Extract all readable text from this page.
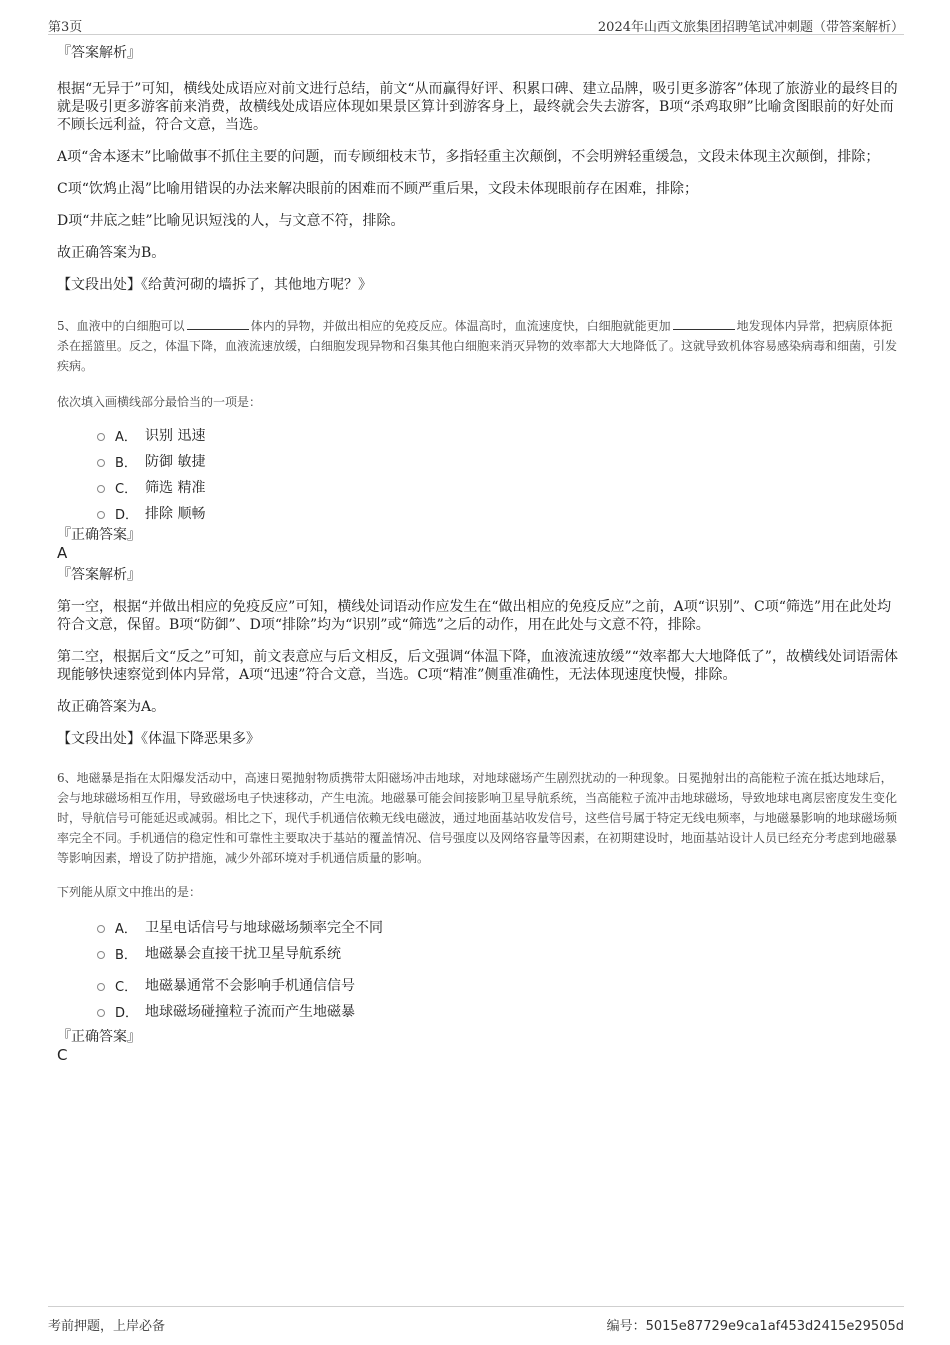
第3页	2024年山西文旅集团招聘笔试冲刺题（带答案解析）

『答案解析』

根据“无异于”可知，横线处成语应对前文进行总结，前文“从而赢得好评、积累口碑、建立品牌，吸引更多游客”体现了旅游业的最终目的就是吸引更多游客前来消费，故横线处成语应体现如果景区算计到游客身上，最终就会失去游客，B项“杀鸡取卵”比喻贪图眼前的好处而不顾长远利益，符合文意，当选。

A项“舍本逐末”比喻做事不抓住主要的问题，而专顾细枝末节，多指轻重主次颠倒，不会明辨轻重缓急，文段未体现主次颠倒，排除；

C项“饮鸩止渴”比喻用错误的办法来解决眼前的困难而不顾严重后果，文段未体现眼前存在困难，排除；

D项“井底之蛙”比喻见识短浅的人，与文意不符，排除。

故正确答案为B。

【文段出处】《给黄河砌的墙拆了，其他地方呢？》

5、血液中的白细胞可以	体内的异物，并做出相应的免疫反应。体温高时，血流速度快，白细胞就能更加	地发现体内异常，把病原体扼杀在摇篮里。反之，体温下降，血液流速放缓，白细胞发现异物和召集其他白细胞来消灭异物的效率都大大地降低了。这就导致机体容易感染病毒和细菌，引发疾病。

依次填入画横线部分最恰当的一项是：

A． 识别 迅速
B． 防御 敏捷
C． 筛选 精准
D． 排除 顺畅

『正确答案』

A

『答案解析』

第一空，根据“并做出相应的免疫反应”可知，横线处词语动作应发生在“做出相应的免疫反应”之前，A项“识别”、C项“筛选”用在此处均符合文意，保留。B项“防御”、D项“排除”均为“识别”或“筛选”之后的动作，用在此处与文意不符，排除。

第二空，根据后文“反之”可知，前文表意应与后文相反，后文强调“体温下降，血液流速放缓”“效率都大大地降低了”，故横线处词语需体现能够快速察觉到体内异常，A项“迅速”符合文意，当选。C项“精准”侧重准确性，无法体现速度快慢，排除。

故正确答案为A。

【文段出处】《体温下降恶果多》

6、地磁暴是指在太阳爆发活动中，高速日冕抛射物质携带太阳磁场冲击地球，对地球磁场产生剧烈扰动的一种现象。日冕抛射出的高能粒子流在抵达地球后，会与地球磁场相互作用，导致磁场电子快速移动，产生电流。地磁暴可能会间接影响卫星导航系统，当高能粒子流冲击地球磁场，导致地球电离层密度发生变化时，导航信号可能延迟或减弱。相比之下，现代手机通信依赖无线电磁波，通过地面基站收发信号，这些信号属于特定无线电频率，与地磁暴影响的地球磁场频率完全不同。手机通信的稳定性和可靠性主要取决于基站的覆盖情况、信号强度以及网络容量等因素，在初期建设时，地面基站设计人员已经充分考虑到地磁暴等影响因素，增设了防护措施，减少外部环境对手机通信质量的影响。

下列能从原文中推出的是：

A． 卫星电话信号与地球磁场频率完全不同
B． 地磁暴会直接干扰卫星导航系统
C． 地磁暴通常不会影响手机通信信号
D． 地球磁场碰撞粒子流而产生地磁暴

『正确答案』

C

考前押题，上岸必备	编号：5015e87729e9ca1af453d2415e29505d
